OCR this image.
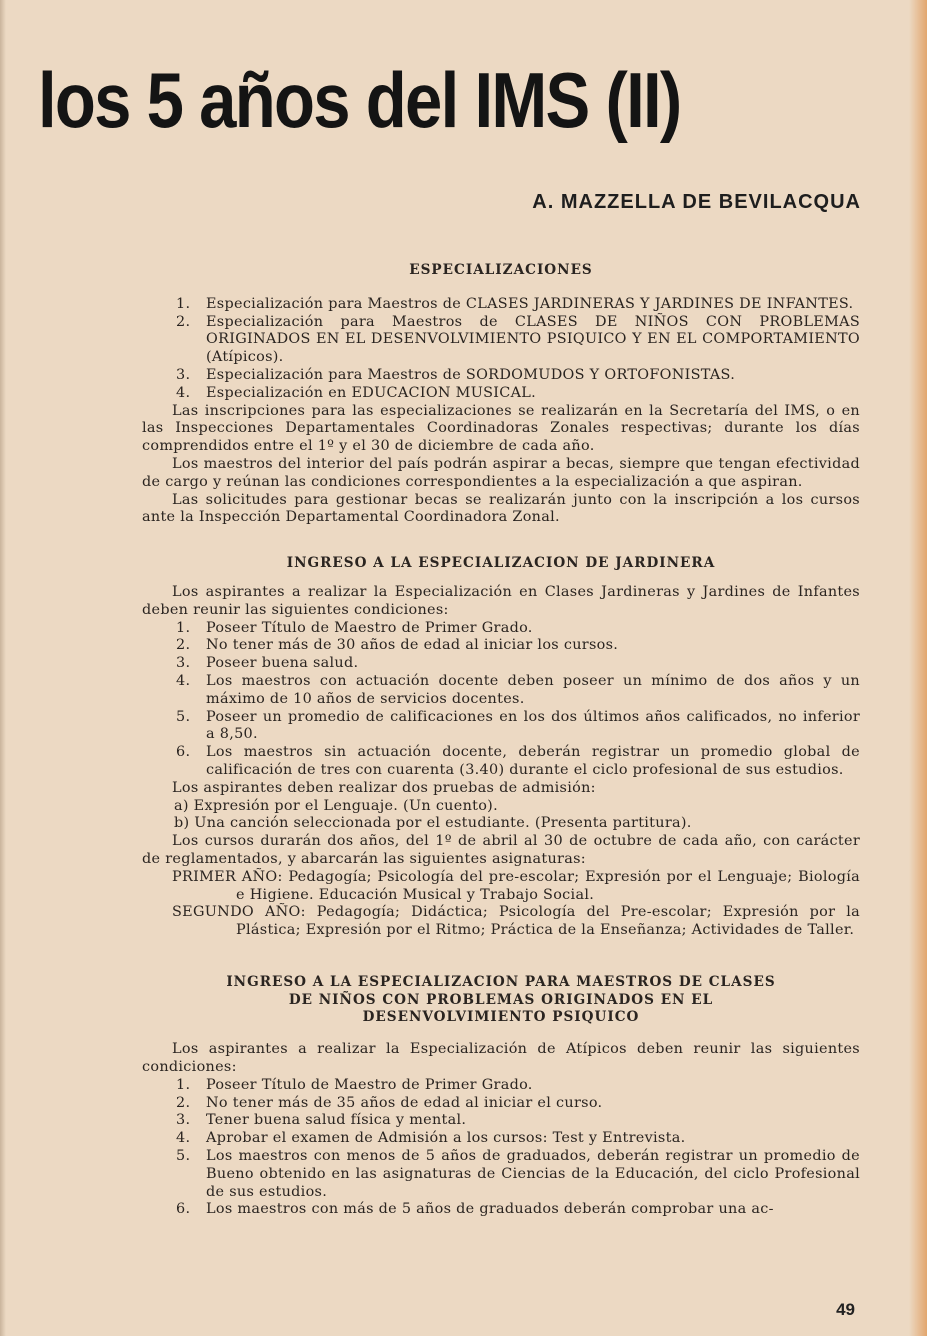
los 5 años del IMS (II)
A. MAZZELLA DE BEVILACQUA
ESPECIALIZACIONES
1.	Especialización para Maestros de CLASES JARDINERAS Y JARDINES DE INFANTES.
2.	Especialización para Maestros de CLASES DE NIÑOS CON PROBLEMAS ORIGINADOS EN EL DESENVOLVIMIENTO PSIQUICO Y EN EL COMPORTAMIENTO (Atípicos).
3.	Especialización para Maestros de SORDOMUDOS Y ORTOFONISTAS.
4.	Especialización en EDUCACION MUSICAL.

Las inscripciones para las especializaciones se realizarán en la Secretaría del IMS, o en las Inspecciones Departamentales Coordinadoras Zonales respectivas; durante los días comprendidos entre el 1º y el 30 de diciembre de cada año.

Los maestros del interior del país podrán aspirar a becas, siempre que tengan efectividad de cargo y reúnan las condiciones correspondientes a la especialización a que aspiran.

Las solicitudes para gestionar becas se realizarán junto con la inscripción a los cursos ante la Inspección Departamental Coordinadora Zonal.

INGRESO A LA ESPECIALIZACION DE JARDINERA

Los aspirantes a realizar la Especialización en Clases Jardineras y Jardines de Infantes deben reunir las siguientes condiciones:

1.	Poseer Título de Maestro de Primer Grado.
2.	No tener más de 30 años de edad al iniciar los cursos.
3.	Poseer buena salud.
4.	Los maestros con actuación docente deben poseer un mínimo de dos años y un máximo de 10 años de servicios docentes.
5.	Poseer un promedio de calificaciones en los dos últimos años calificados, no inferior a 8,50.
6.	Los maestros sin actuación docente, deberán registrar un promedio global de calificación de tres con cuarenta (3.40) durante el ciclo profesional de sus estudios.

Los aspirantes deben realizar dos pruebas de admisión:

a) Expresión por el Lenguaje. (Un cuento).
b) Una canción seleccionada por el estudiante. (Presenta partitura).

Los cursos durarán dos años, del 1º de abril al 30 de octubre de cada año, con carácter de reglamentados, y abarcarán las siguientes asignaturas:

PRIMER AÑO: Pedagogía; Psicología del pre-escolar; Expresión por el Lenguaje; Biología e Higiene. Educación Musical y Trabajo Social.
SEGUNDO AÑO: Pedagogía; Didáctica; Psicología del Pre-escolar; Expresión por la Plástica; Expresión por el Ritmo; Práctica de la Enseñanza; Actividades de Taller.
INGRESO A LA ESPECIALIZACION PARA MAESTROS DE CLASES
DE NIÑOS CON PROBLEMAS ORIGINADOS EN EL
DESENVOLVIMIENTO PSIQUICO

Los aspirantes a realizar la Especialización de Atípicos deben reunir las siguientes condiciones:

1.	Poseer Título de Maestro de Primer Grado.
2.	No tener más de 35 años de edad al iniciar el curso.
3.	Tener buena salud física y mental.
4.	Aprobar el examen de Admisión a los cursos: Test y Entrevista.
5.	Los maestros con menos de 5 años de graduados, deberán registrar un promedio de Bueno obtenido en las asignaturas de Ciencias de la Educación, del ciclo Profesional de sus estudios.
6.	Los maestros con más de 5 años de graduados deberán comprobar una ac-
49
